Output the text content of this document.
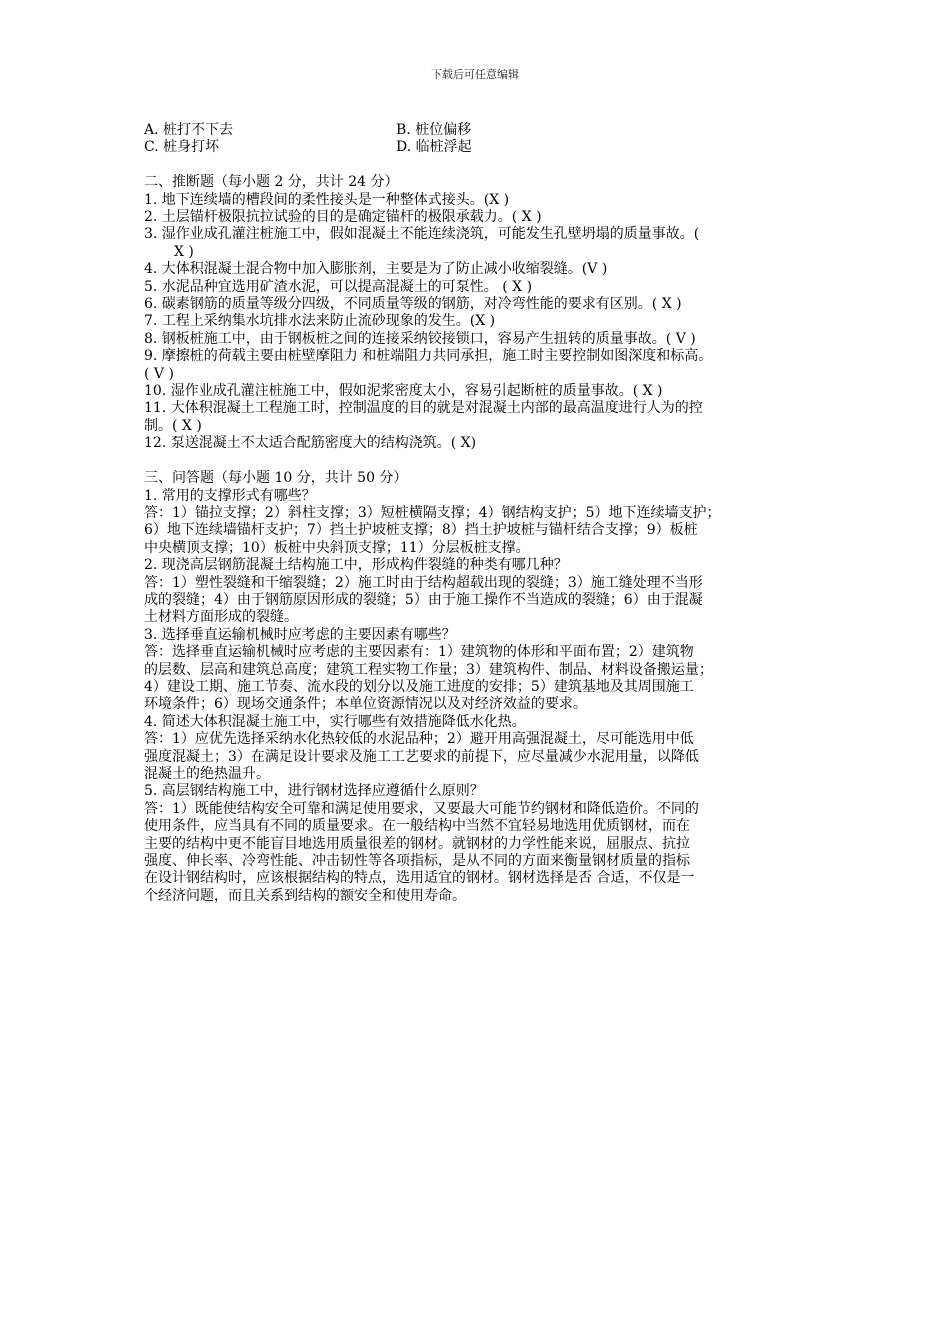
下载后可任意编辑
A. 桩打不下去	B. 桩位偏移
C. 桩身打坏	D. 临桩浮起
二、推断题（每小题 2 分，共计 24 分）
1. 地下连续墙的槽段间的柔性接头是一种整体式接头。(X )
2. 土层锚杆极限抗拉试验的目的是确定锚杆的极限承载力。( X )
3. 湿作业成孔灌注桩施工中，假如混凝土不能连续浇筑，可能发生孔壁坍塌的质量事故。(
X )
4. 大体积混凝土混合物中加入膨胀剂，主要是为了防止减小收缩裂缝。(V )
5. 水泥品种宜选用矿渣水泥，可以提高混凝土的可泵性。 ( X )
6. 碳素钢筋的质量等级分四级，不同质量等级的钢筋，对冷弯性能的要求有区别。( X )
7. 工程上采纳集水坑排水法来防止流砂现象的发生。(X )
8. 钢板桩施工中，由于钢板桩之间的连接采纳铰接锁口，容易产生扭转的质量事故。( V )
9. 摩擦桩的荷载主要由桩壁摩阻力 和桩端阻力共同承担，施工时主要控制如图深度和标高。
( V )
10. 湿作业成孔灌注桩施工中，假如泥浆密度太小，容易引起断桩的质量事故。( X )
11. 大体积混凝土工程施工时，控制温度的目的就是对混凝土内部的最高温度进行人为的控
制。( X )
12. 泵送混凝土不太适合配筋密度大的结构浇筑。( X)
三、问答题（每小题 10 分，共计 50 分）
1. 常用的支撑形式有哪些？
答：1）锚拉支撑；2）斜柱支撑；3）短桩横隔支撑；4）钢结构支护；5）地下连续墙支护；
6）地下连续墙锚杆支护；7）挡土护坡桩支撑；8）挡土护坡桩与锚杆结合支撑；9）板桩
中央横顶支撑；10）板桩中央斜顶支撑；11）分层板桩支撑。
2. 现浇高层钢筋混凝土结构施工中，形成构件裂缝的种类有哪几种？
答：1）塑性裂缝和干缩裂缝；2）施工时由于结构超载出现的裂缝；3）施工缝处理不当形
成的裂缝；4）由于钢筋原因形成的裂缝；5）由于施工操作不当造成的裂缝；6）由于混凝
土材料方面形成的裂缝。
3. 选择垂直运输机械时应考虑的主要因素有哪些？
答：选择垂直运输机械时应考虑的主要因素有：1）建筑物的体形和平面布置；2）建筑物
的层数、层高和建筑总高度；建筑工程实物工作量；3）建筑构件、制品、材料设备搬运量；
4）建设工期、施工节奏、流水段的划分以及施工进度的安排；5）建筑基地及其周围施工
环境条件；6）现场交通条件；本单位资源情况以及对经济效益的要求。
4. 简述大体积混凝土施工中，实行哪些有效措施降低水化热。
答：1）应优先选择采纳水化热较低的水泥品种；2）避开用高强混凝土，尽可能选用中低
强度混凝土；3）在满足设计要求及施工工艺要求的前提下，应尽量减少水泥用量，以降低
混凝土的绝热温升。
5. 高层钢结构施工中，进行钢材选择应遵循什么原则？
答：1）既能使结构安全可靠和满足使用要求，又要最大可能节约钢材和降低造价。不同的
使用条件，应当具有不同的质量要求。在一般结构中当然不宜轻易地选用优质钢材，而在
主要的结构中更不能盲目地选用质量很差的钢材。就钢材的力学性能来说，屈服点、抗拉
强度、伸长率、冷弯性能、冲击韧性等各项指标，是从不同的方面来衡量钢材质量的指标
在设计钢结构时，应该根据结构的特点，选用适宜的钢材。钢材选择是否 合适，不仅是一
个经济问题，而且关系到结构的额安全和使用寿命。
